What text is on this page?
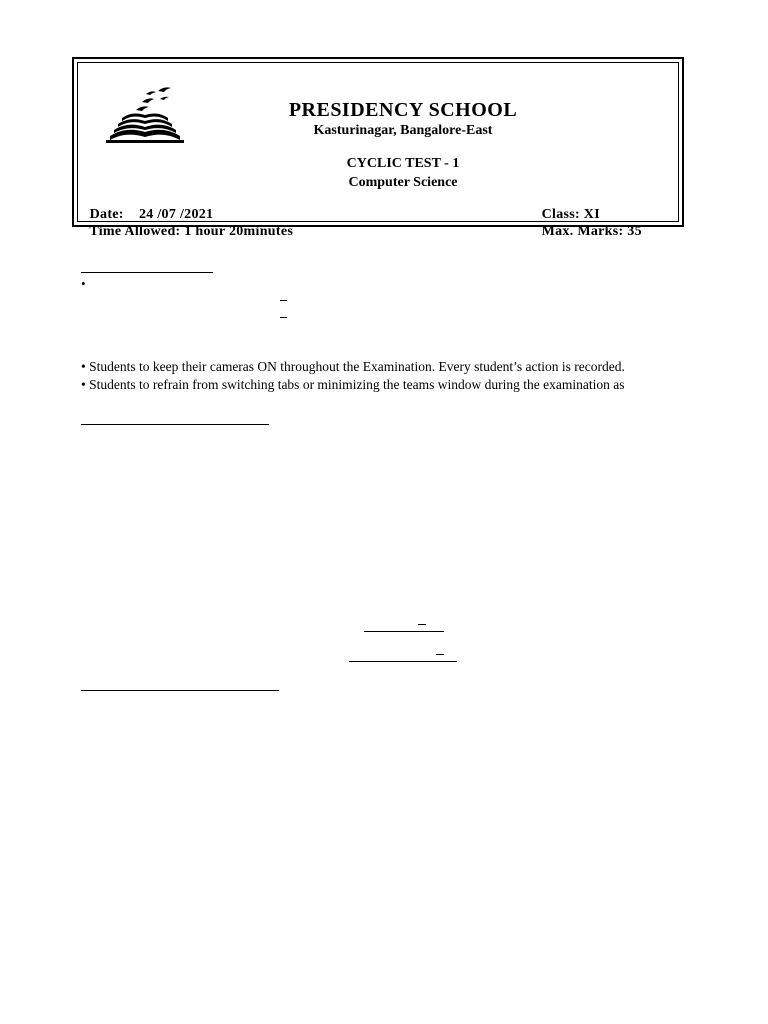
PRESIDENCY SCHOOL
Kasturinagar, Bangalore-East
CYCLIC TEST - 1
Computer Science

Date: 24 /07 /2021

Time Allowed: 1 hour 20minutes

Class: XI

Max. Marks: 35

•
• Students to keep their cameras ON throughout the Examination. Every student’s action is recorded.
• Students to refrain from switching tabs or minimizing the teams window during the examination as
